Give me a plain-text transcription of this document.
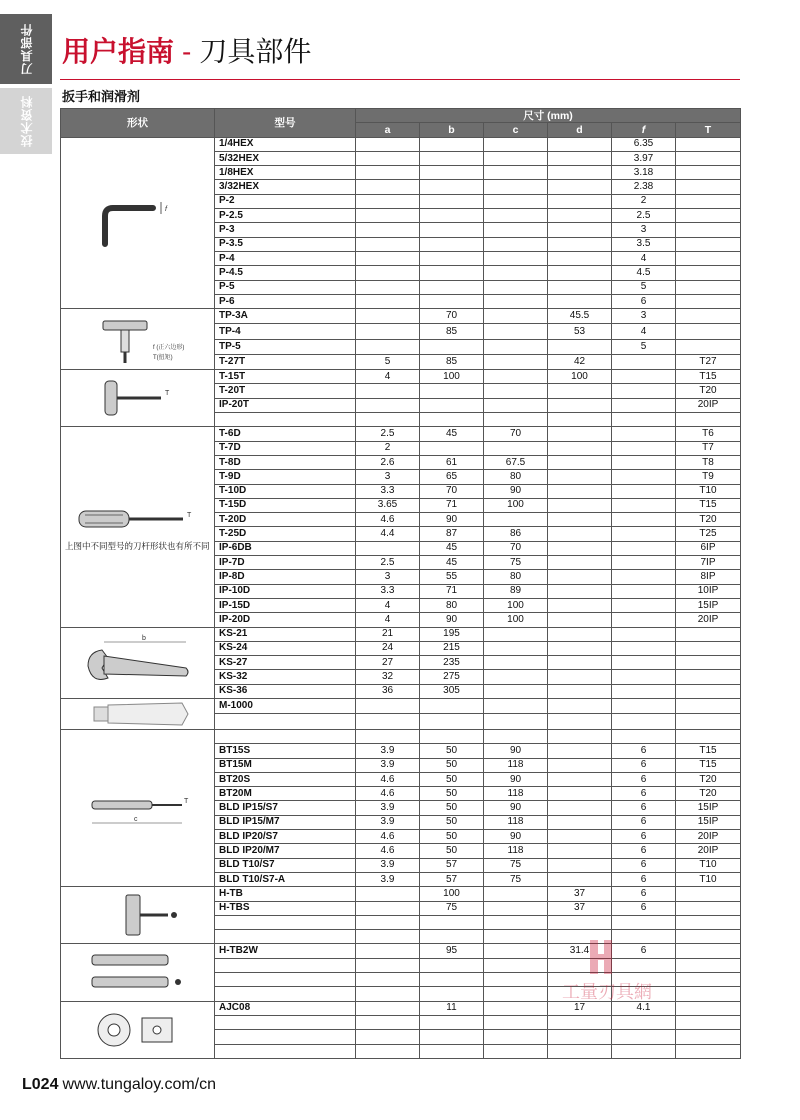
刀具部件
技术资料
用户指南 - 刀具部件
扳手和润滑剂
形状	型号	尺寸 (mm)					
		a	b	c	d	f	T

f	1/4HEX					6.35	
	5/32HEX					3.97	
	1/8HEX					3.18	
	3/32HEX					2.38	
	P-2					2	
	P-2.5					2.5	
	P-3					3	
	P-3.5					3.5	
	P-4					4	
	P-4.5					4.5	
	P-5					5	
	P-6					6	

f (正六边形)
T(扭矩)	TP-3A		70		45.5	3	
	TP-4		85		53	4	
	TP-5					5	
	T-27T	5	85		42		T27

T	T-15T	4	100		100		T15
	T-20T						T20
	IP-20T						20IP

T
上图中不同型号的刀杆形状也有所不同	T-6D	2.5	45	70			T6
	T-7D	2					T7
	T-8D	2.6	61	67.5			T8
	T-9D	3	65	80			T9
	T-10D	3.3	70	90			T10
	T-15D	3.65	71	100			T15
	T-20D	4.6	90				T20
	T-25D	4.4	87	86			T25
	IP-6DB		45	70			6IP
	IP-7D	2.5	45	75			7IP
	IP-8D	3	55	80			8IP
	IP-10D	3.3	71	89			10IP
	IP-15D	4	80	100			15IP
	IP-20D	4	90	100			20IP

b	KS-21	21	195				
	KS-24	24	215				
	KS-27	27	235				
	KS-32	32	275				
	KS-36	36	305				

	M-1000						

T
c							

	BT15S	3.9	50	90		6	T15
	BT15M	3.9	50	118		6	T15
	BT20S	4.6	50	90		6	T20
	BT20M	4.6	50	118		6	T20
	BLD IP15/S7	3.9	50	90		6	15IP
	BLD IP15/M7	3.9	50	118		6	15IP
	BLD IP20/S7	4.6	50	90		6	20IP
	BLD IP20/M7	4.6	50	118		6	20IP
	BLD T10/S7	3.9	57	75		6	T10
	BLD T10/S7-A	3.9	57	75		6	T10

	H-TB		100		37	6	
	H-TBS		75		37	6	

	H-TB2W		95		31.4	6	

	AJC08		11		17	4.1	

L024 www.tungaloy.com/cn
工量刃具網
